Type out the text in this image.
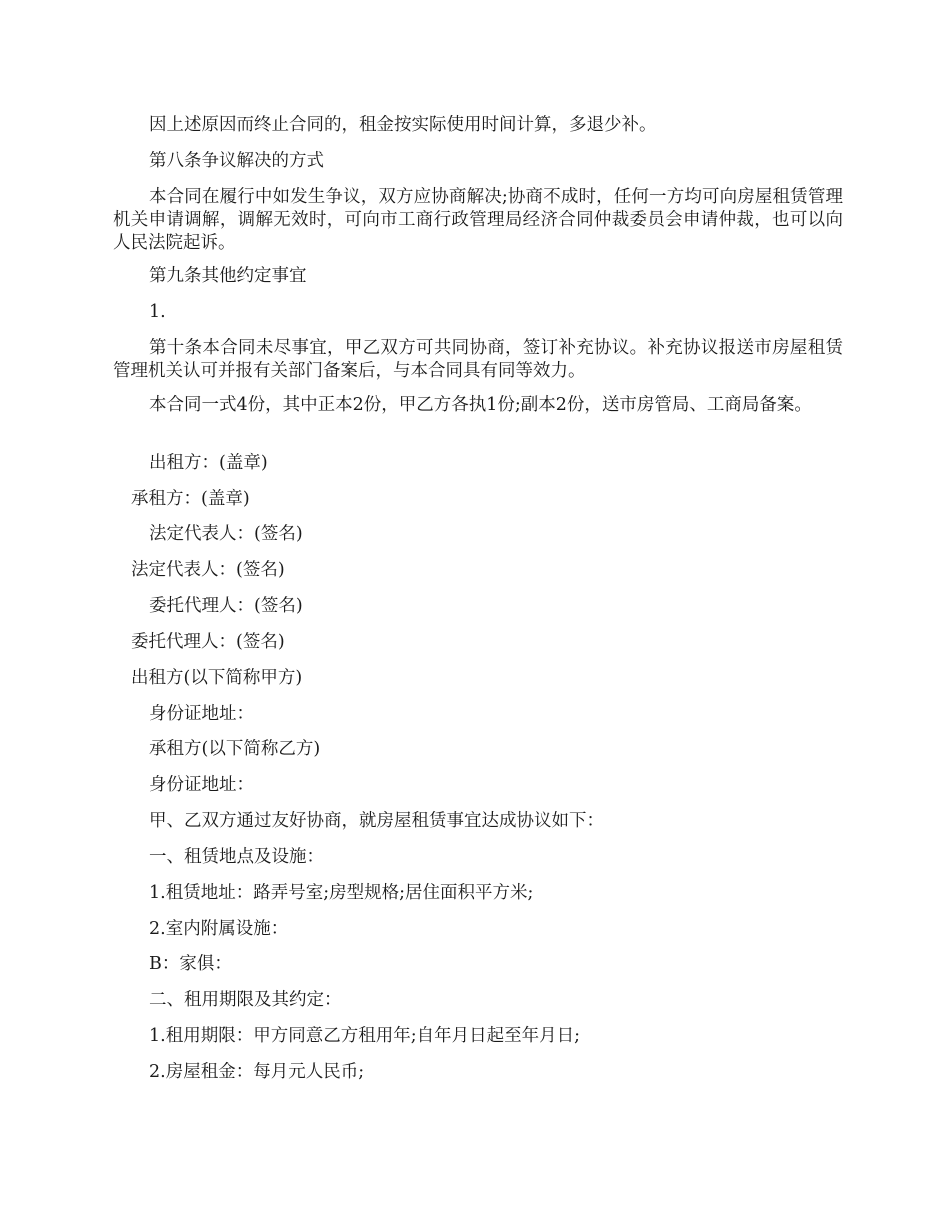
因上述原因而终止合同的，租金按实际使用时间计算，多退少补。

第八条争议解决的方式

本合同在履行中如发生争议，双方应协商解决;协商不成时，任何一方均可向房屋租赁管理机关申请调解，调解无效时，可向市工商行政管理局经济合同仲裁委员会申请仲裁，也可以向人民法院起诉。

第九条其他约定事宜

1.

第十条本合同未尽事宜，甲乙双方可共同协商，签订补充协议。补充协议报送市房屋租赁管理机关认可并报有关部门备案后，与本合同具有同等效力。

本合同一式4份，其中正本2份，甲乙方各执1份;副本2份，送市房管局、工商局备案。

出租方：(盖章)

承租方：(盖章)

法定代表人：(签名)

法定代表人：(签名)

委托代理人：(签名)

委托代理人：(签名)

出租方(以下简称甲方)

身份证地址：

承租方(以下简称乙方)

身份证地址：

甲、乙双方通过友好协商，就房屋租赁事宜达成协议如下：

一、租赁地点及设施：

1.租赁地址：路弄号室;房型规格;居住面积平方米;

2.室内附属设施：

B：家俱：

二、租用期限及其约定：

1.租用期限：甲方同意乙方租用年;自年月日起至年月日;

2.房屋租金：每月元人民币;
